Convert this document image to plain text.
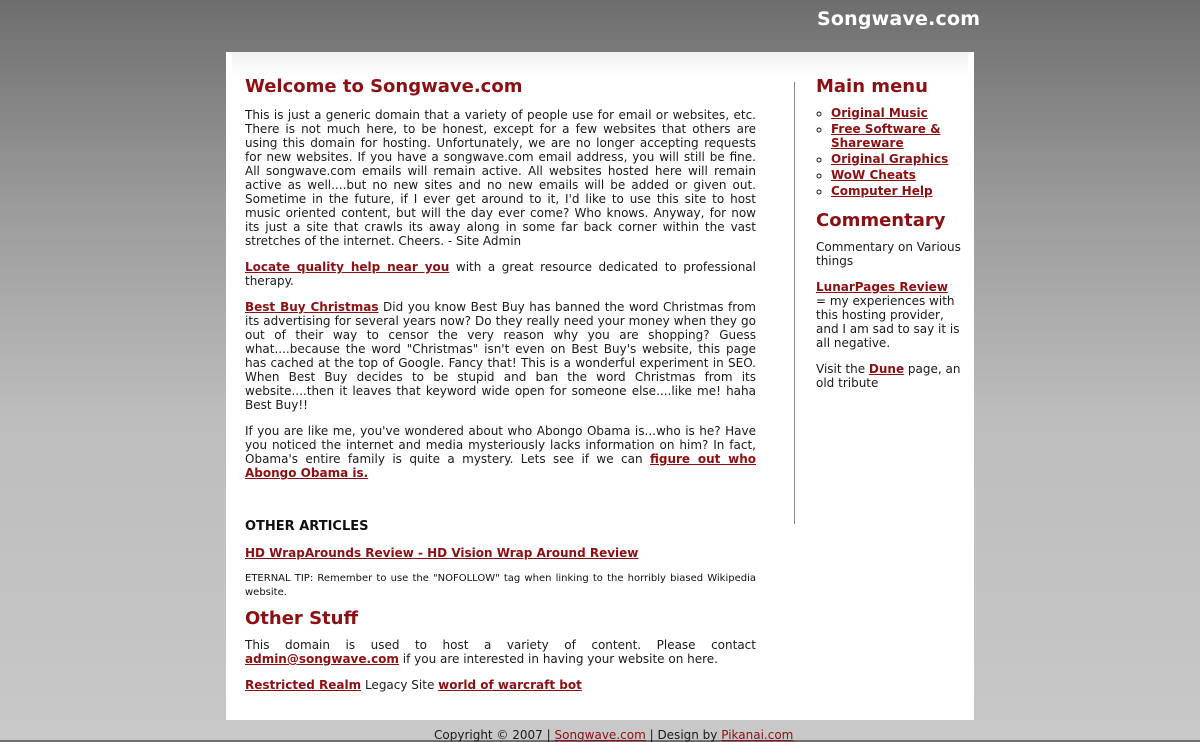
Songwave.com
Welcome to Songwave.com

This is just a generic domain that a variety of people use for email or websites, etc. There is not much here, to be honest, except for a few websites that others are using this domain for hosting. Unfortunately, we are no longer accepting requests for new websites. If you have a songwave.com email address, you will still be fine. All songwave.com emails will remain active. All websites hosted here will remain active as well....but no new sites and no new emails will be added or given out. Sometime in the future, if I ever get around to it, I'd like to use this site to host music oriented content, but will the day ever come? Who knows. Anyway, for now its just a site that crawls its away along in some far back corner within the vast stretches of the internet. Cheers. - Site Admin

Locate quality help near you with a great resource dedicated to professional therapy.

Best Buy Christmas Did you know Best Buy has banned the word Christmas from its advertising for several years now? Do they really need your money when they go out of their way to censor the very reason why you are shopping? Guess what....because the word "Christmas" isn't even on Best Buy's website, this page has cached at the top of Google. Fancy that! This is a wonderful experiment in SEO. When Best Buy decides to be stupid and ban the word Christmas from its website....then it leaves that keyword wide open for someone else....like me! haha Best Buy!!

If you are like me, you've wondered about who Abongo Obama is...who is he? Have you noticed the internet and media mysteriously lacks information on him? In fact, Obama's entire family is quite a mystery. Lets see if we can figure out who Abongo Obama is.

OTHER ARTICLES

HD WrapArounds Review - HD Vision Wrap Around Review

ETERNAL TIP: Remember to use the "NOFOLLOW" tag when linking to the horribly biased Wikipedia website.

Other Stuff

This domain is used to host a variety of content. Please contact admin@songwave.com if you are interested in having your website on here.

Restricted Realm Legacy Site world of warcraft bot

Main menu
◦ Original Music
◦ Free Software & Shareware
◦ Original Graphics
◦ WoW Cheats
◦ Computer Help
Commentary

Commentary on Various things

LunarPages Review = my experiences with this hosting provider, and I am sad to say it is all negative.

Visit the Dune page, an old tribute

Copyright © 2007 | Songwave.com | Design by Pikanai.com
